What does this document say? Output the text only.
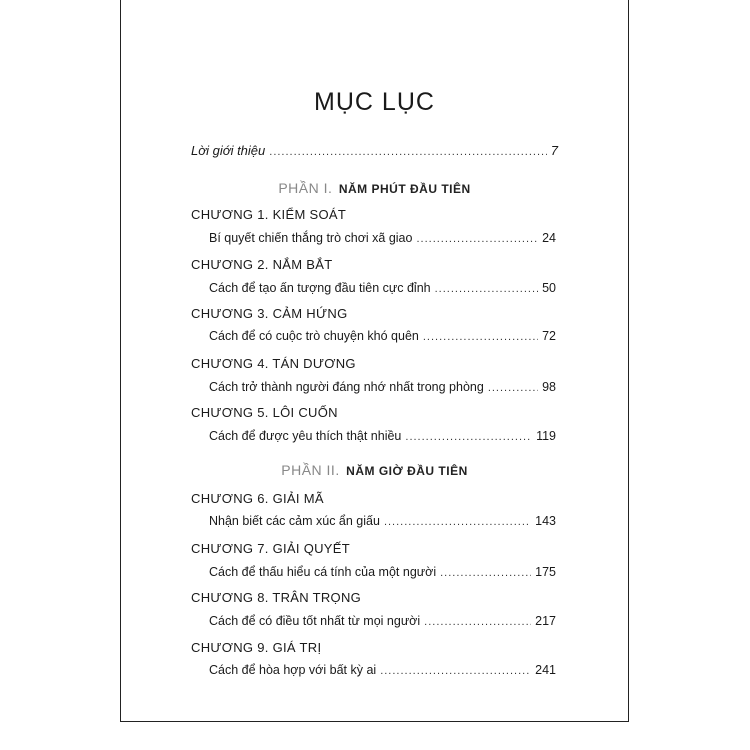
MỤC LỤC
Lời giới thiệu .....	7
PHẦN I. NĂM PHÚT ĐẦU TIÊN
CHƯƠNG 1. KIỂM SOÁT
Bí quyết chiến thắng trò chơi xã giao .....	24
CHƯƠNG 2. NẮM BẮT
Cách để tạo ấn tượng đầu tiên cực đỉnh .....	50
CHƯƠNG 3. CẢM HỨNG
Cách để có cuộc trò chuyện khó quên .....	72
CHƯƠNG 4. TÁN DƯƠNG
Cách trở thành người đáng nhớ nhất trong phòng .....	98
CHƯƠNG 5. LÔI CUỐN
Cách để được yêu thích thật nhiều .....	119
PHẦN II. NĂM GIỜ ĐẦU TIÊN
CHƯƠNG 6. GIẢI MÃ
Nhận biết các cảm xúc ẩn giấu .....	143
CHƯƠNG 7. GIẢI QUYẾT
Cách để thấu hiểu cá tính của một người .....	175
CHƯƠNG 8. TRÂN TRỌNG
Cách để có điều tốt nhất từ mọi người .....	217
CHƯƠNG 9. GIÁ TRỊ
Cách để hòa hợp với bất kỳ ai .....	241
